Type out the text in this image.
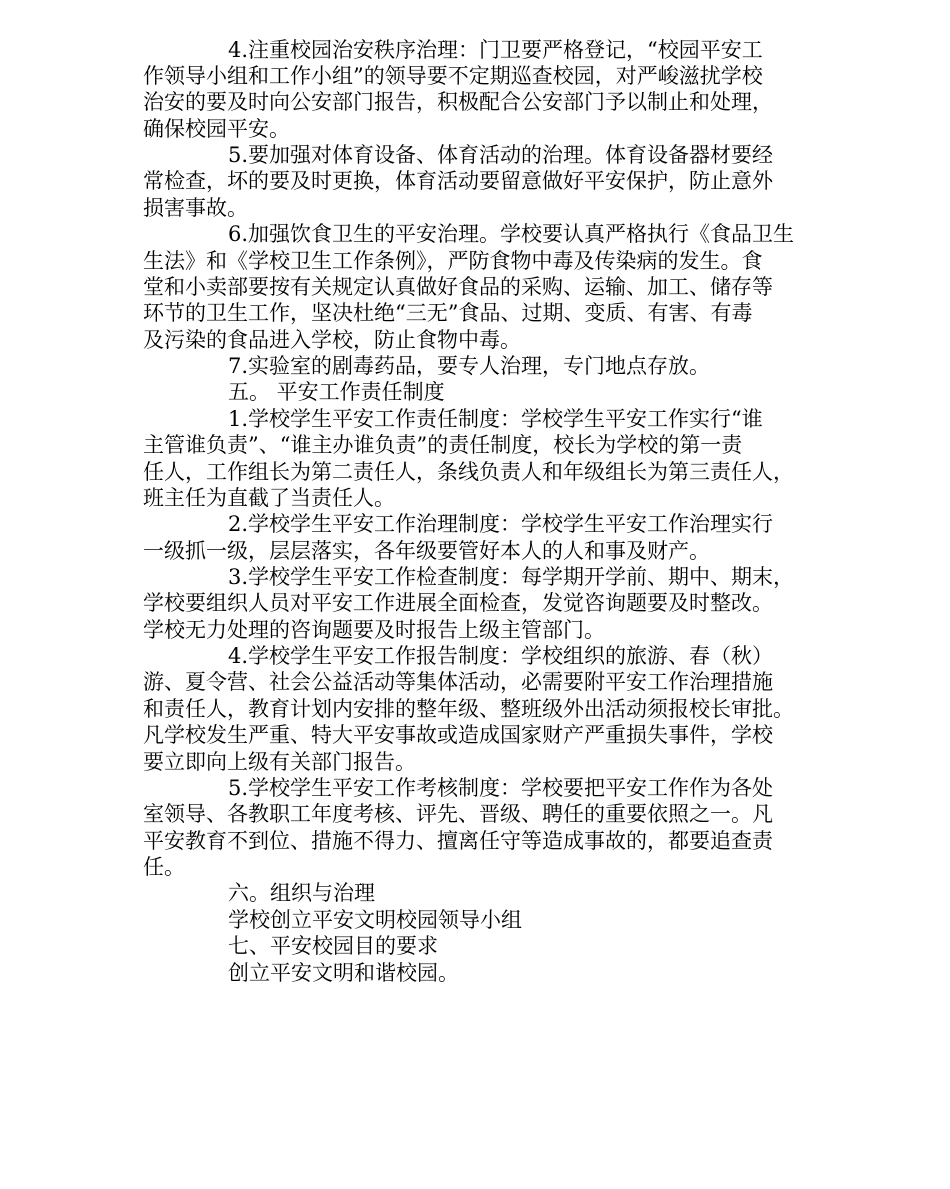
4.注重校园治安秩序治理：门卫要严格登记，“校园平安工
作领导小组和工作小组”的领导要不定期巡查校园，对严峻滋扰学校
治安的要及时向公安部门报告，积极配合公安部门予以制止和处理，
确保校园平安。
5.要加强对体育设备、体育活动的治理。体育设备器材要经
常检查，坏的要及时更换，体育活动要留意做好平安保护，防止意外
损害事故。
6.加强饮食卫生的平安治理。学校要认真严格执行《食品卫生
生法》和《学校卫生工作条例》，严防食物中毒及传染病的发生。食
堂和小卖部要按有关规定认真做好食品的采购、运输、加工、储存等
环节的卫生工作，坚决杜绝“三无”食品、过期、变质、有害、有毒
及污染的食品进入学校，防止食物中毒。
7.实验室的剧毒药品，要专人治理，专门地点存放。
五。 平安工作责任制度
1.学校学生平安工作责任制度：学校学生平安工作实行“谁
主管谁负责”、“谁主办谁负责”的责任制度，校长为学校的第一责
任人，工作组长为第二责任人，条线负责人和年级组长为第三责任人，
班主任为直截了当责任人。
2.学校学生平安工作治理制度：学校学生平安工作治理实行
一级抓一级，层层落实，各年级要管好本人的人和事及财产。
3.学校学生平安工作检查制度：每学期开学前、期中、期末，
学校要组织人员对平安工作进展全面检查，发觉咨询题要及时整改。
学校无力处理的咨询题要及时报告上级主管部门。
4.学校学生平安工作报告制度：学校组织的旅游、春（秋）
游、夏令营、社会公益活动等集体活动，必需要附平安工作治理措施
和责任人，教育计划内安排的整年级、整班级外出活动须报校长审批。
凡学校发生严重、特大平安事故或造成国家财产严重损失事件，学校
要立即向上级有关部门报告。
5.学校学生平安工作考核制度：学校要把平安工作作为各处
室领导、各教职工年度考核、评先、晋级、聘任的重要依照之一。凡
平安教育不到位、措施不得力、擅离任守等造成事故的，都要追查责
任。
六。组织与治理
学校创立平安文明校园领导小组
七、平安校园目的要求
创立平安文明和谐校园。
